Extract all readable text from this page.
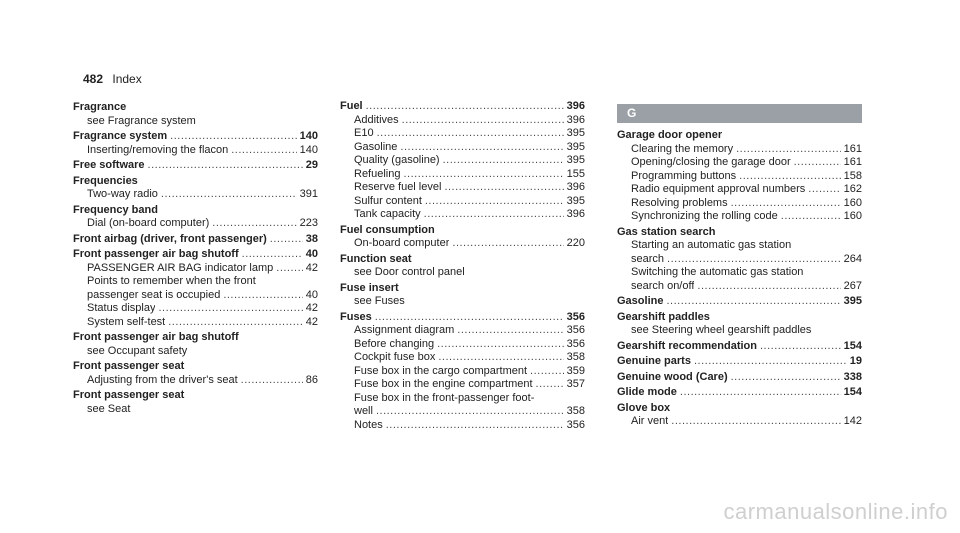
482 Index
Fragrance
see Fragrance system
Fragrance system .....	140
Inserting/removing the flacon .....	140
Free software .....	29
Frequencies
Two-way radio .....	391
Frequency band
Dial (on-board computer) .....	223
Front airbag (driver, front passenger) .....	38
Front passenger air bag shutoff .....	40
PASSENGER AIR BAG indicator lamp .....	42
Points to remember when the front
passenger seat is occupied .....	40
Status display .....	42
System self-test .....	42
Front passenger air bag shutoff
see Occupant safety
Front passenger seat
Adjusting from the driver's seat .....	86
Front passenger seat
see Seat
Fuel .....	396
Additives .....	396
E10 .....	395
Gasoline .....	395
Quality (gasoline) .....	395
Refueling .....	155
Reserve fuel level .....	396
Sulfur content .....	395
Tank capacity .....	396
Fuel consumption
On-board computer .....	220
Function seat
see Door control panel
Fuse insert
see Fuses
Fuses .....	356
Assignment diagram .....	356
Before changing .....	356
Cockpit fuse box .....	358
Fuse box in the cargo compartment .....	359
Fuse box in the engine compartment .....	357
Fuse box in the front-passenger foot-
well .....	358
Notes .....	356
G
Garage door opener
Clearing the memory .....	161
Opening/closing the garage door .....	161
Programming buttons .....	158
Radio equipment approval numbers .....	162
Resolving problems .....	160
Synchronizing the rolling code .....	160
Gas station search
Starting an automatic gas station
search .....	264
Switching the automatic gas station
search on/off .....	267
Gasoline .....	395
Gearshift paddles
see Steering wheel gearshift paddles
Gearshift recommendation .....	154
Genuine parts .....	19
Genuine wood (Care) .....	338
Glide mode .....	154
Glove box
Air vent .....	142
carmanualsonline.info
